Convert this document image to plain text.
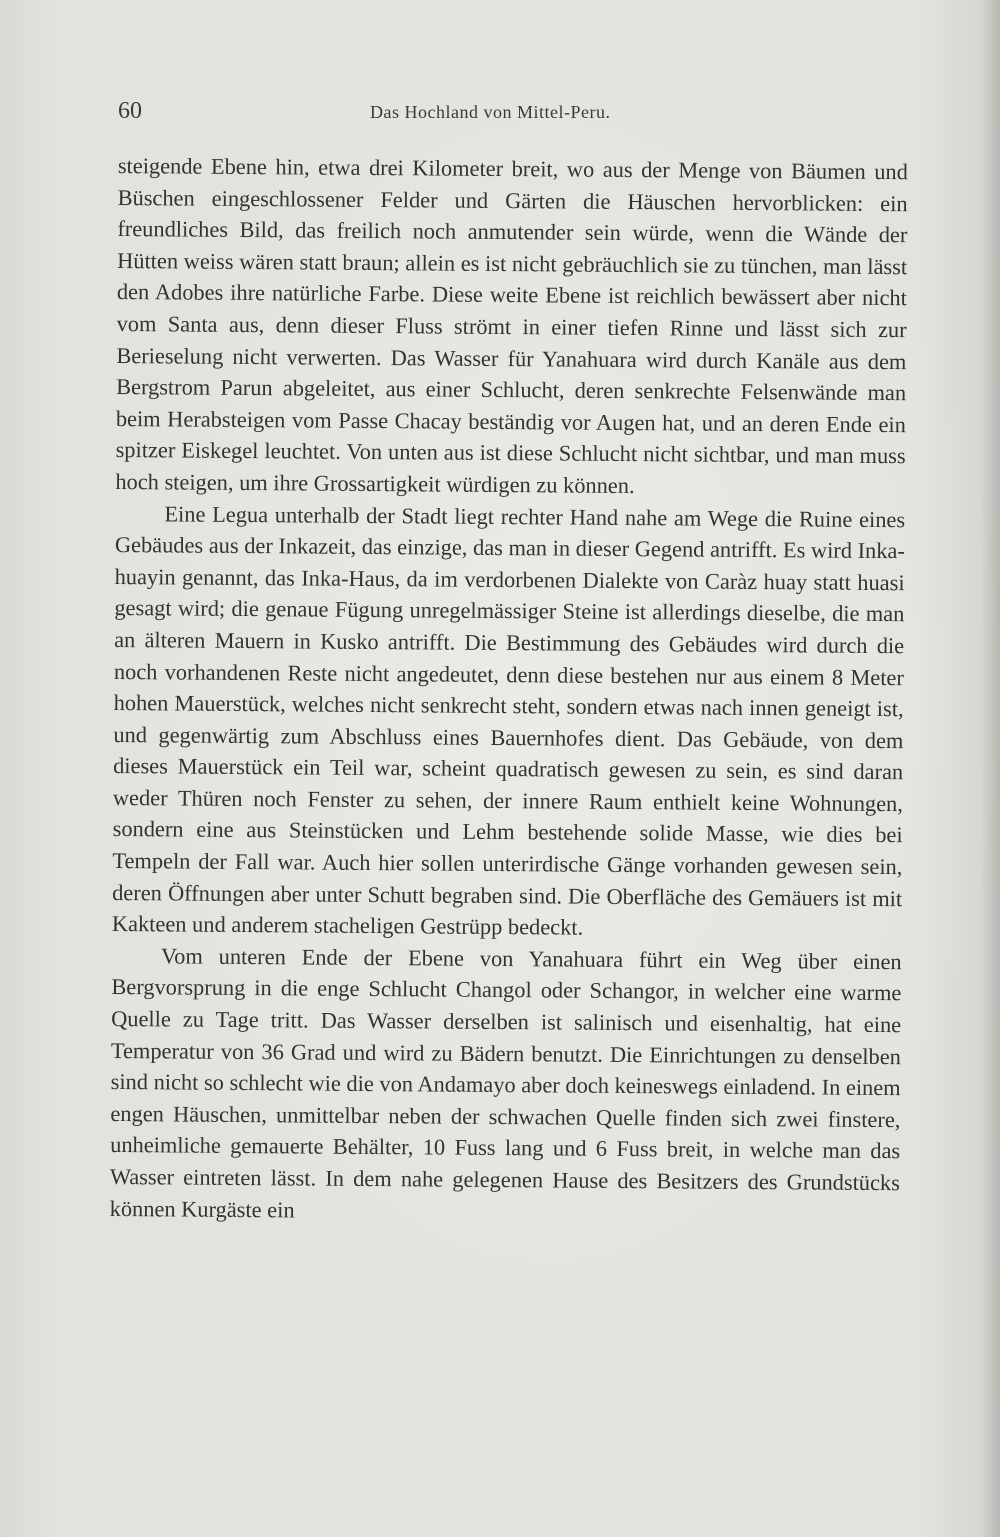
60	Das Hochland von Mittel-Peru.

steigende Ebene hin, etwa drei Kilometer breit, wo aus der Menge von Bäumen und Büschen eingeschlossener Felder und Gärten die Häuschen hervorblicken: ein freundliches Bild, das freilich noch anmutender sein würde, wenn die Wände der Hütten weiss wären statt braun; allein es ist nicht gebräuchlich sie zu tünchen, man lässt den Adobes ihre natürliche Farbe. Diese weite Ebene ist reichlich bewässert aber nicht vom Santa aus, denn dieser Fluss strömt in einer tiefen Rinne und lässt sich zur Berieselung nicht verwerten. Das Wasser für Yanahuara wird durch Kanäle aus dem Bergstrom Parun abgeleitet, aus einer Schlucht, deren senkrechte Felsenwände man beim Herabsteigen vom Passe Chacay beständig vor Augen hat, und an deren Ende ein spitzer Eiskegel leuchtet. Von unten aus ist diese Schlucht nicht sichtbar, und man muss hoch steigen, um ihre Grossartigkeit würdigen zu können.

Eine Legua unterhalb der Stadt liegt rechter Hand nahe am Wege die Ruine eines Gebäudes aus der Inkazeit, das einzige, das man in dieser Gegend antrifft. Es wird Inka-huayin genannt, das Inka-Haus, da im verdorbenen Dialekte von Caràz huay statt huasi gesagt wird; die genaue Fügung unregelmässiger Steine ist allerdings dieselbe, die man an älteren Mauern in Kusko antrifft. Die Bestimmung des Gebäudes wird durch die noch vorhandenen Reste nicht angedeutet, denn diese bestehen nur aus einem 8 Meter hohen Mauerstück, welches nicht senkrecht steht, sondern etwas nach innen geneigt ist, und gegenwärtig zum Abschluss eines Bauernhofes dient. Das Gebäude, von dem dieses Mauerstück ein Teil war, scheint quadratisch gewesen zu sein, es sind daran weder Thüren noch Fenster zu sehen, der innere Raum enthielt keine Wohnungen, sondern eine aus Steinstücken und Lehm bestehende solide Masse, wie dies bei Tempeln der Fall war. Auch hier sollen unterirdische Gänge vorhanden gewesen sein, deren Öffnungen aber unter Schutt begraben sind. Die Oberfläche des Gemäuers ist mit Kakteen und anderem stacheligen Gestrüpp bedeckt.

Vom unteren Ende der Ebene von Yanahuara führt ein Weg über einen Bergvorsprung in die enge Schlucht Changol oder Schangor, in welcher eine warme Quelle zu Tage tritt. Das Wasser derselben ist salinisch und eisenhaltig, hat eine Temperatur von 36 Grad und wird zu Bädern benutzt. Die Einrichtungen zu denselben sind nicht so schlecht wie die von Andamayo aber doch keineswegs einladend. In einem engen Häuschen, unmittelbar neben der schwachen Quelle finden sich zwei finstere, unheimliche gemauerte Behälter, 10 Fuss lang und 6 Fuss breit, in welche man das Wasser eintreten lässt. In dem nahe gelegenen Hause des Besitzers des Grundstücks können Kurgäste ein
